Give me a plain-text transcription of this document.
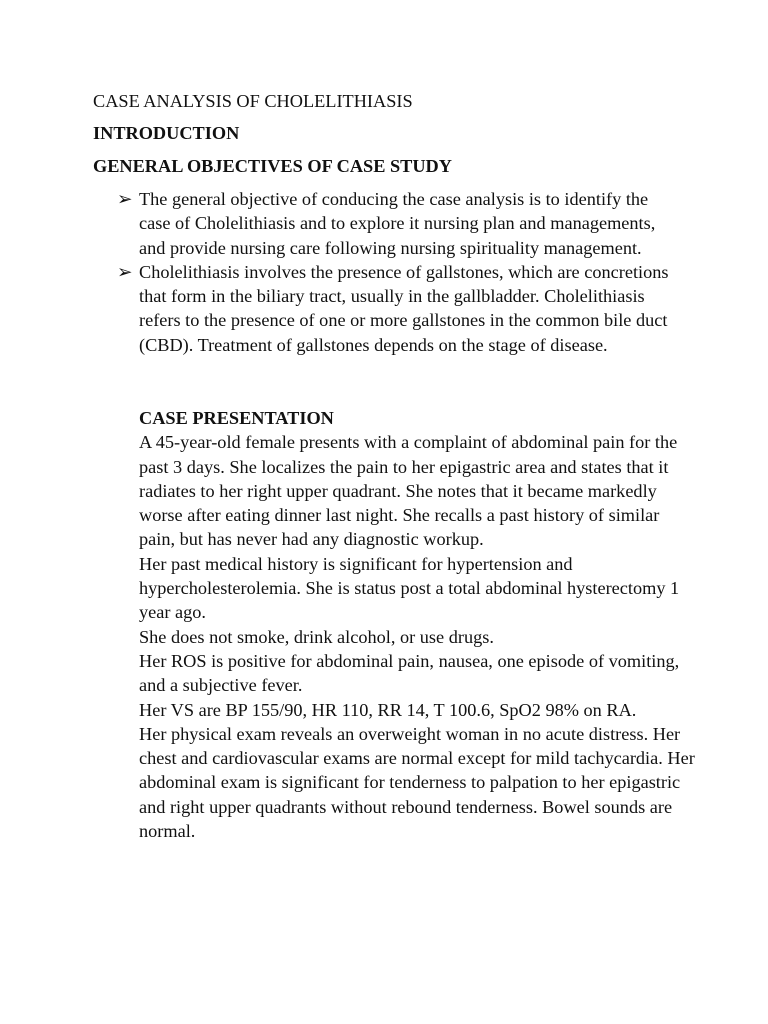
CASE ANALYSIS OF CHOLELITHIASIS
INTRODUCTION
GENERAL OBJECTIVES OF CASE STUDY
➢ The general objective of conducing the case analysis is to identify the case of Cholelithiasis and to explore it nursing plan and managements, and provide nursing care following nursing spirituality management.
➢ Cholelithiasis involves the presence of gallstones, which are concretions that form in the biliary tract, usually in the gallbladder. Cholelithiasis refers to the presence of one or more gallstones in the common bile duct (CBD). Treatment of gallstones depends on the stage of disease.
CASE PRESENTATION

A 45-year-old female presents with a complaint of abdominal pain for the past 3 days. She localizes the pain to her epigastric area and states that it radiates to her right upper quadrant. She notes that it became markedly worse after eating dinner last night. She recalls a past history of similar pain, but has never had any diagnostic workup.

Her past medical history is significant for hypertension and hypercholesterolemia. She is status post a total abdominal hysterectomy 1 year ago.

She does not smoke, drink alcohol, or use drugs.

Her ROS is positive for abdominal pain, nausea, one episode of vomiting, and a subjective fever.

Her VS are BP 155/90, HR 110, RR 14, T 100.6, SpO2 98% on RA.

Her physical exam reveals an overweight woman in no acute distress. Her chest and cardiovascular exams are normal except for mild tachycardia. Her abdominal exam is significant for tenderness to palpation to her epigastric and right upper quadrants without rebound tenderness. Bowel sounds are normal.
